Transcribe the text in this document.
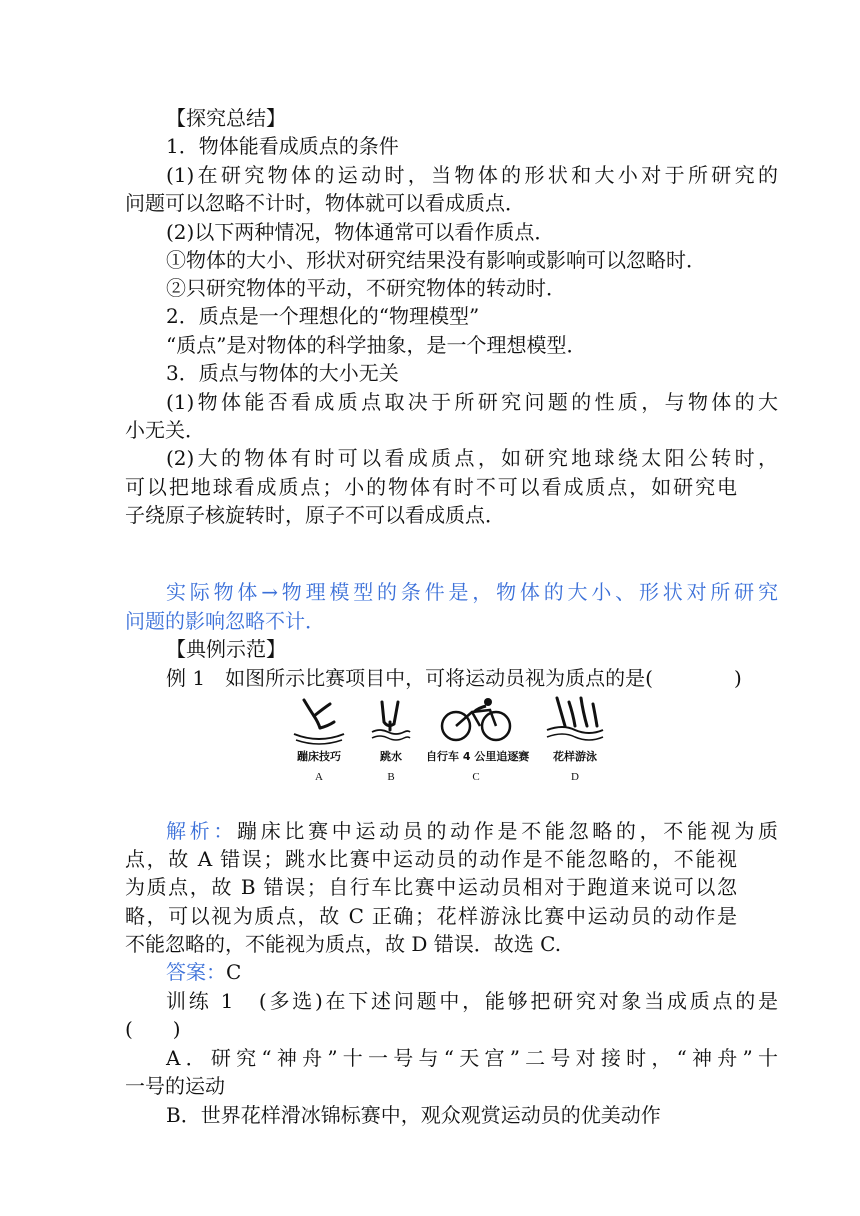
【探究总结】
1．物体能看成质点的条件
(1)在研究物体的运动时，当物体的形状和大小对于所研究的
问题可以忽略不计时，物体就可以看成质点．
(2)以下两种情况，物体通常可以看作质点．
①物体的大小、形状对研究结果没有影响或影响可以忽略时．
②只研究物体的平动，不研究物体的转动时．
2．质点是一个理想化的“物理模型”
“质点”是对物体的科学抽象，是一个理想模型．
3．质点与物体的大小无关
(1)物体能否看成质点取决于所研究问题的性质，与物体的大
小无关．
(2)大的物体有时可以看成质点，如研究地球绕太阳公转时，
可以把地球看成质点；小的物体有时不可以看成质点，如研究电
子绕原子核旋转时，原子不可以看成质点．
实际物体→物理模型的条件是，物体的大小、形状对所研究
问题的影响忽略不计．
【典例示范】
例 1　如图所示比赛项目中，可将运动员视为质点的是(	)
蹦床技巧
A
跳水
B
自行车 4 公里追逐赛
C
花样游泳
D
解析：蹦床比赛中运动员的动作是不能忽略的，不能视为质
点，故 A 错误；跳水比赛中运动员的动作是不能忽略的，不能视
为质点，故 B 错误；自行车比赛中运动员相对于跑道来说可以忽
略，可以视为质点，故 C 正确；花样游泳比赛中运动员的动作是
不能忽略的，不能视为质点，故 D 错误．故选 C.
答案：C
训练 1　(多选)在下述问题中，能够把研究对象当成质点的是
(　　)
A．研究“神舟”十一号与“天宫”二号对接时，“神舟”十
一号的运动
B．世界花样滑冰锦标赛中，观众观赏运动员的优美动作
